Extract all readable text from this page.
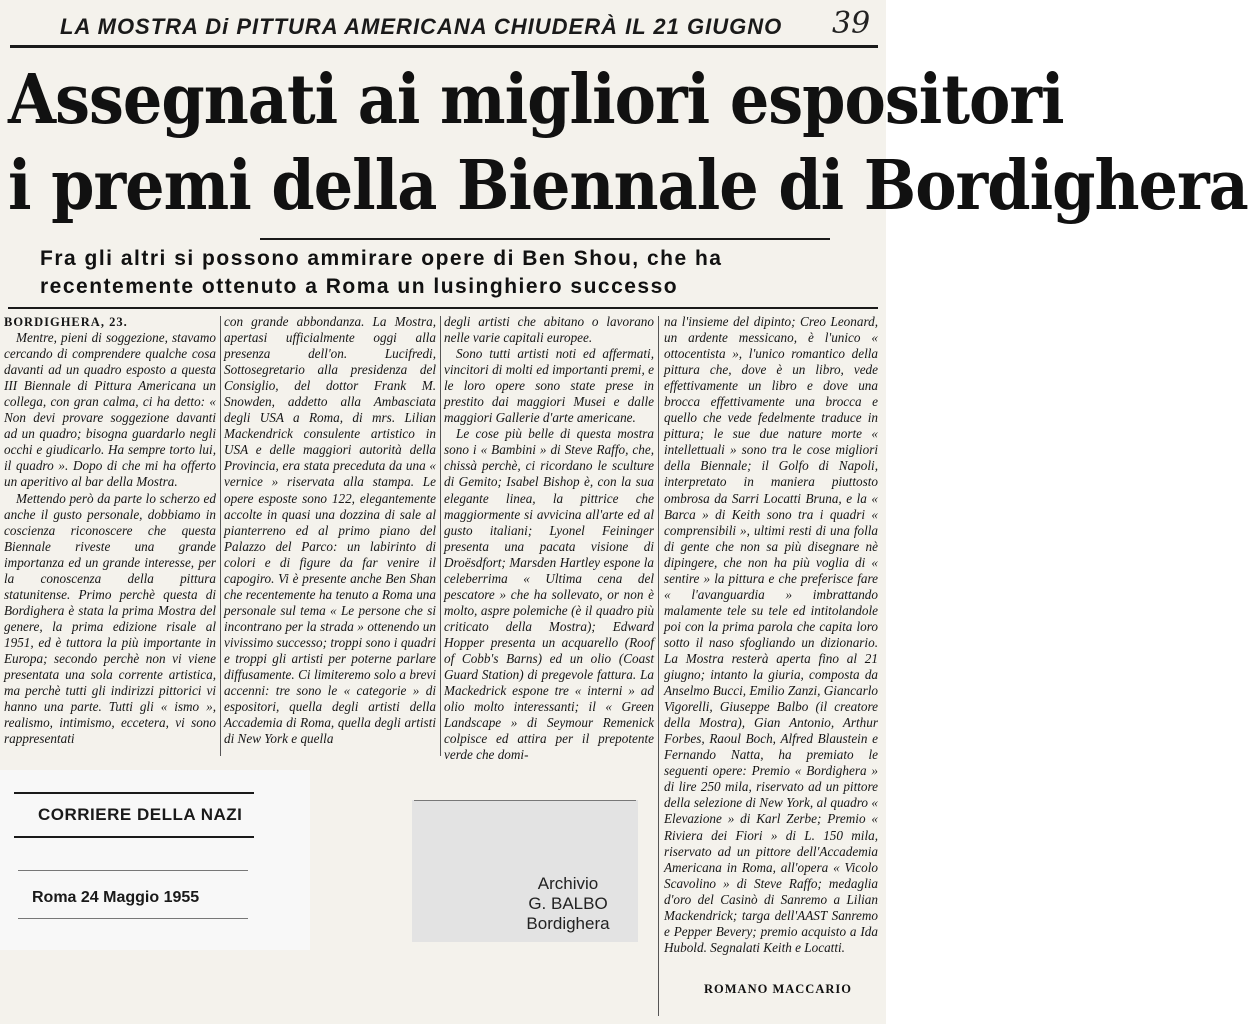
LA MOSTRA Di PITTURA AMERICANA CHIUDERÀ IL 21 GIUGNO	39
Assegnati ai migliori espositori
i premi della Biennale di Bordighera
Fra gli altri si possono ammirare opere di Ben Shou, che ha
recentemente ottenuto a Roma un lusinghiero successo

BORDIGHERA, 23.

Mentre, pieni di soggezione, stavamo cercando di comprendere qualche cosa davanti ad un quadro esposto a questa III Biennale di Pittura Americana un collega, con gran calma, ci ha detto: « Non devi provare soggezione davanti ad un quadro; bisogna guardarlo negli occhi e giudicarlo. Ha sempre torto lui, il quadro ». Dopo di che mi ha offerto un aperitivo al bar della Mostra.

Mettendo però da parte lo scherzo ed anche il gusto personale, dobbiamo in coscienza riconoscere che questa Biennale riveste una grande importanza ed un grande interesse, per la conoscenza della pittura statunitense. Primo perchè questa di Bordighera è stata la prima Mostra del genere, la prima edizione risale al 1951, ed è tuttora la più importante in Europa; secondo perchè non vi viene presentata una sola corrente artistica, ma perchè tutti gli indirizzi pittorici vi hanno una parte. Tutti gli « ismo », realismo, intimismo, eccetera, vi sono rappresentati

con grande abbondanza. La Mostra, apertasi ufficialmente oggi alla presenza dell'on. Lucifredi, Sottosegretario alla presidenza del Consiglio, del dottor Frank M. Snowden, addetto alla Ambasciata degli USA a Roma, di mrs. Lilian Mackendrick consulente artistico in USA e delle maggiori autorità della Provincia, era stata preceduta da una « vernice » riservata alla stampa. Le opere esposte sono 122, elegantemente accolte in quasi una dozzina di sale al pianterreno ed al primo piano del Palazzo del Parco: un labirinto di colori e di figure da far venire il capogiro. Vi è presente anche Ben Shan che recentemente ha tenuto a Roma una personale sul tema « Le persone che si incontrano per la strada » ottenendo un vivissimo successo; troppi sono i quadri e troppi gli artisti per poterne parlare diffusamente. Ci limiteremo solo a brevi accenni: tre sono le « categorie » di espositori, quella degli artisti della Accademia di Roma, quella degli artisti di New York e quella

degli artisti che abitano o lavorano nelle varie capitali europee.

Sono tutti artisti noti ed affermati, vincitori di molti ed importanti premi, e le loro opere sono state prese in prestito dai maggiori Musei e dalle maggiori Gallerie d'arte americane.

Le cose più belle di questa mostra sono i « Bambini » di Steve Raffo, che, chissà perchè, ci ricordano le sculture di Gemito; Isabel Bishop è, con la sua elegante linea, la pittrice che maggiormente si avvicina all'arte ed al gusto italiani; Lyonel Feininger presenta una pacata visione di Droësdfort; Marsden Hartley espone la celeberrima « Ultima cena del pescatore » che ha sollevato, or non è molto, aspre polemiche (è il quadro più criticato della Mostra); Edward Hopper presenta un acquarello (Roof of Cobb's Barns) ed un olio (Coast Guard Station) di pregevole fattura. La Mackedrick espone tre « interni » ad olio molto interessanti; il « Green Landscape » di Seymour Remenick colpisce ed attira per il prepotente verde che domi-

na l'insieme del dipinto; Creo Leonard, un ardente messicano, è l'unico « ottocentista », l'unico romantico della pittura che, dove è un libro, vede effettivamente un libro e dove una brocca effettivamente una brocca e quello che vede fedelmente traduce in pittura; le sue due nature morte « intellettuali » sono tra le cose migliori della Biennale; il Golfo di Napoli, interpretato in maniera piuttosto ombrosa da Sarri Locatti Bruna, e la « Barca » di Keith sono tra i quadri « comprensibili », ultimi resti di una folla di gente che non sa più disegnare nè dipingere, che non ha più voglia di « sentire » la pittura e che preferisce fare « l'avanguardia » imbrattando malamente tele su tele ed intitolandole poi con la prima parola che capita loro sotto il naso sfogliando un dizionario. La Mostra resterà aperta fino al 21 giugno; intanto la giuria, composta da Anselmo Bucci, Emilio Zanzi, Giancarlo Vigorelli, Giuseppe Balbo (il creatore della Mostra), Gian Antonio, Arthur Forbes, Raoul Boch, Alfred Blaustein e Fernando Natta, ha premiato le seguenti opere: Premio « Bordighera » di lire 250 mila, riservato ad un pittore della selezione di New York, al quadro « Elevazione » di Karl Zerbe; Premio « Riviera dei Fiori » di L. 150 mila, riservato ad un pittore dell'Accademia Americana in Roma, all'opera « Vicolo Scavolino » di Steve Raffo; medaglia d'oro del Casinò di Sanremo a Lilian Mackendrick; targa dell'AAST Sanremo e Pepper Bevery; premio acquisto a Ida Hubold. Segnalati Keith e Locatti.

ROMANO MACCARIO
CORRIERE DELLA NAZI
Roma 24 Maggio 1955
Archivio
G. BALBO
Bordighera
